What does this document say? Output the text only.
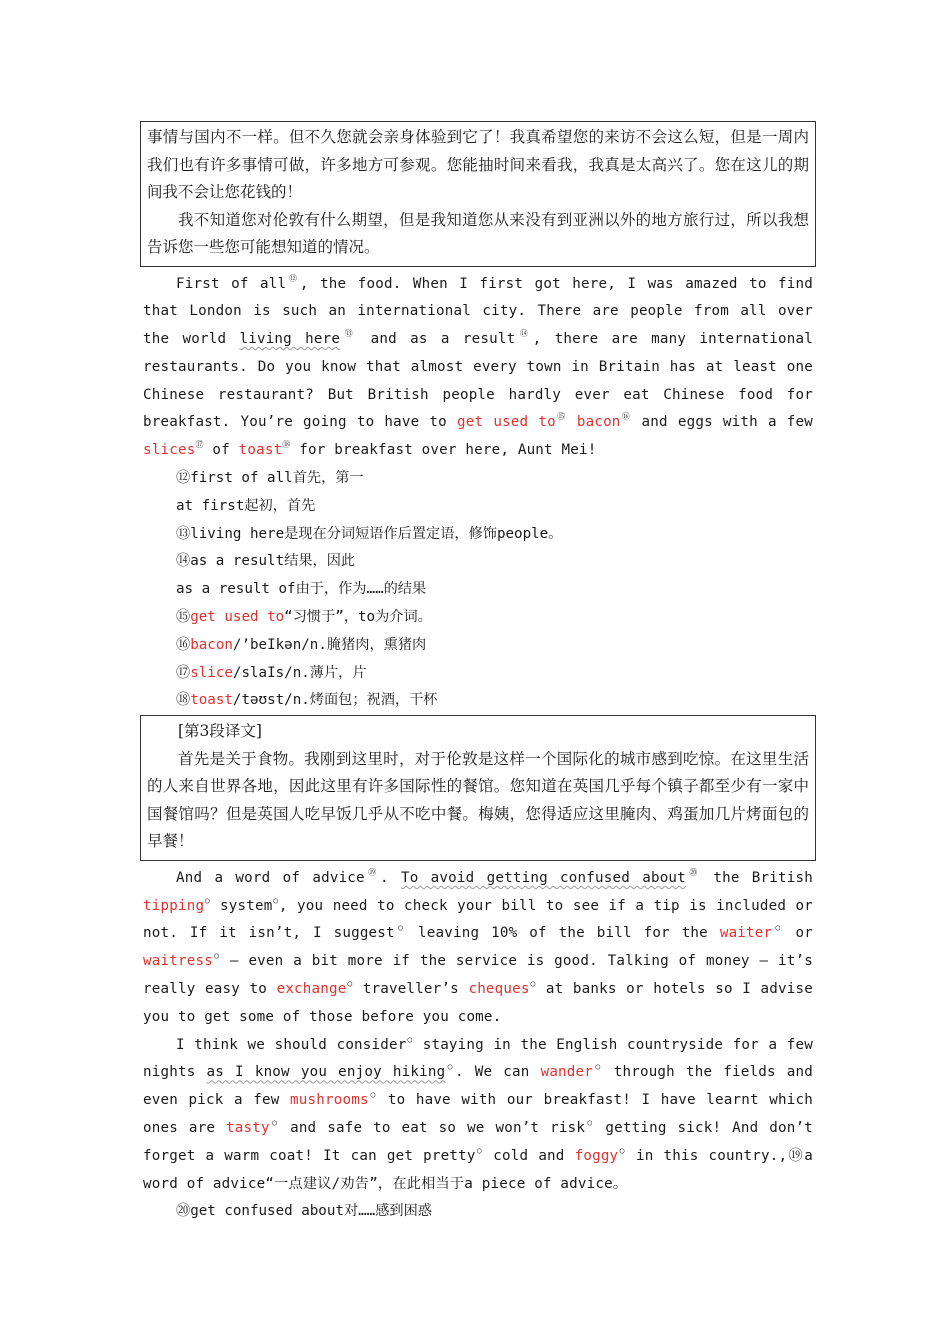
事情与国内不一样。但不久您就会亲身体验到它了！我真希望您的来访不会这么短，但是一周内我们也有许多事情可做，许多地方可参观。您能抽时间来看我，我真是太高兴了。您在这儿的期间我不会让您花钱的！

我不知道您对伦敦有什么期望，但是我知道您从来没有到亚洲以外的地方旅行过，所以我想告诉您一些您可能想知道的情况。

First of all⑫, the food. When I first got here, I was amazed to find that London is such an international city. There are people from all over the world living here⑬ and as a result⑭, there are many international restaurants. Do you know that almost every town in Britain has at least one Chinese restaurant? But British people hardly ever eat Chinese food for breakfast. You’re going to have to get used to⑮ bacon⑯ and eggs with a few slices⑰ of toast⑱ for breakfast over here, Aunt Mei!

⑫first of all首先，第一

at first起初，首先

⑬living here是现在分词短语作后置定语，修饰people。

⑭as a result结果，因此

as a result of由于，作为……的结果

⑮get used to“习惯于”，to为介词。

⑯bacon/ʼbeIkən/n.腌猪肉，熏猪肉

⑰slice/slaIs/n.薄片，片

⑱toast/təʊst/n.烤面包；祝酒，干杯

[第3段译文]

首先是关于食物。我刚到这里时，对于伦敦是这样一个国际化的城市感到吃惊。在这里生活的人来自世界各地，因此这里有许多国际性的餐馆。您知道在英国几乎每个镇子都至少有一家中国餐馆吗？但是英国人吃早饭几乎从不吃中餐。梅姨，您得适应这里腌肉、鸡蛋加几片烤面包的早餐！

And a word of advice⑲. To avoid getting confused about⑳ the British tipping○ system○, you need to check your bill to see if a tip is included or not. If it isn’t, I suggest○ leaving 10% of the bill for the waiter○ or waitress○ — even a bit more if the service is good. Talking of money — it’s really easy to exchange○ traveller’s cheques○ at banks or hotels so I advise you to get some of those before you come.

I think we should consider○ staying in the English countryside for a few nights as I know you enjoy hiking○. We can wander○ through the fields and even pick a few mushrooms○ to have with our breakfast! I have learnt which ones are tasty○ and safe to eat so we won’t risk○ getting sick! And don’t forget a warm coat! It can get pretty○ cold and foggy○ in this country.,⑲a word of advice“一点建议/劝告”，在此相当于a piece of advice。

⑳get confused about对……感到困惑
